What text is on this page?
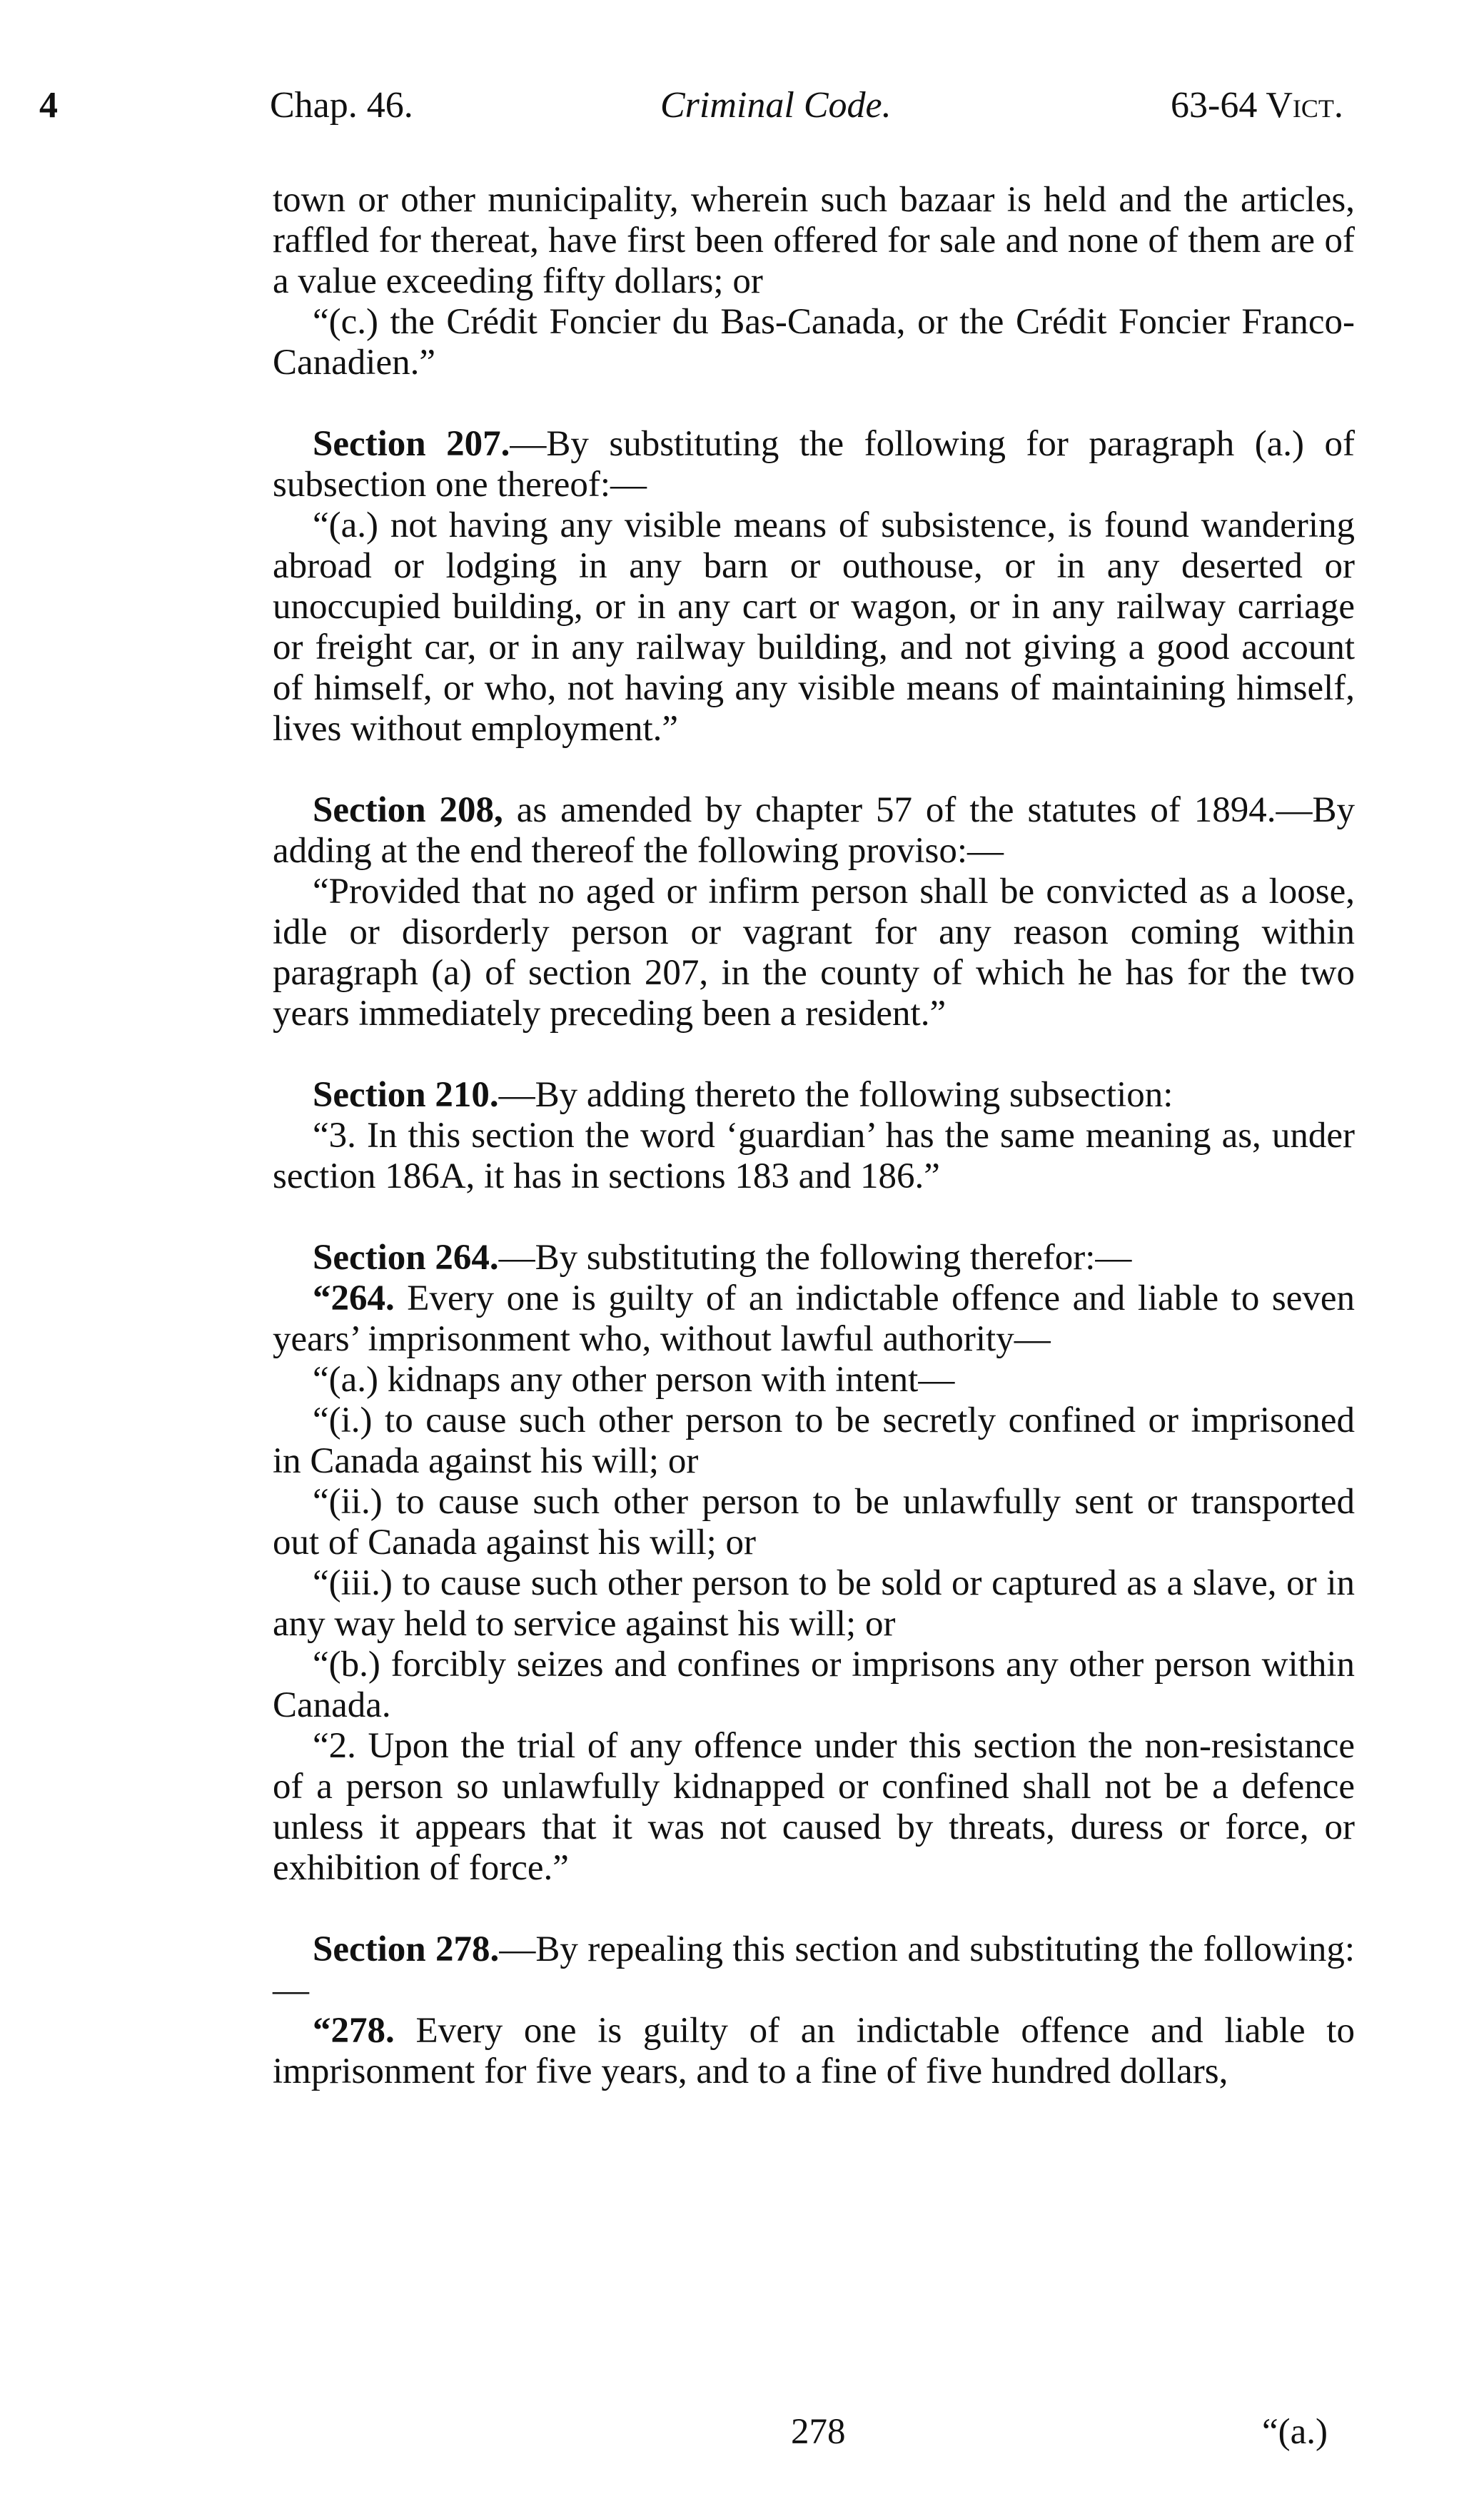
4	Chap. 46.	Criminal Code.	63-64 Vict.

town or other municipality, wherein such bazaar is held and the articles, raffled for thereat, have first been offered for sale and none of them are of a value exceeding fifty dollars; or

“(c.) the Crédit Foncier du Bas-Canada, or the Crédit Foncier Franco-Canadien.”

Section 207.—By substituting the following for paragraph (a.) of subsection one thereof:—

“(a.) not having any visible means of subsistence, is found wandering abroad or lodging in any barn or outhouse, or in any deserted or unoccupied building, or in any cart or wagon, or in any railway carriage or freight car, or in any railway building, and not giving a good account of himself, or who, not having any visible means of maintaining himself, lives without employment.”

Section 208, as amended by chapter 57 of the statutes of 1894.—By adding at the end thereof the following proviso:—

“Provided that no aged or infirm person shall be convicted as a loose, idle or disorderly person or vagrant for any reason coming within paragraph (a) of section 207, in the county of which he has for the two years immediately preceding been a resident.”

Section 210.—By adding thereto the following subsection:

“3. In this section the word ‘guardian’ has the same meaning as, under section 186A, it has in sections 183 and 186.”

Section 264.—By substituting the following therefor:—

“264. Every one is guilty of an indictable offence and liable to seven years’ imprisonment who, without lawful authority—

“(a.) kidnaps any other person with intent—

“(i.) to cause such other person to be secretly confined or imprisoned in Canada against his will; or

“(ii.) to cause such other person to be unlawfully sent or transported out of Canada against his will; or

“(iii.) to cause such other person to be sold or captured as a slave, or in any way held to service against his will; or

“(b.) forcibly seizes and confines or imprisons any other person within Canada.

“2. Upon the trial of any offence under this section the non-resistance of a person so unlawfully kidnapped or confined shall not be a defence unless it appears that it was not caused by threats, duress or force, or exhibition of force.”

Section 278.—By repealing this section and substituting the following:—

“278. Every one is guilty of an indictable offence and liable to imprisonment for five years, and to a fine of five hundred dollars,

278	“(a.)
